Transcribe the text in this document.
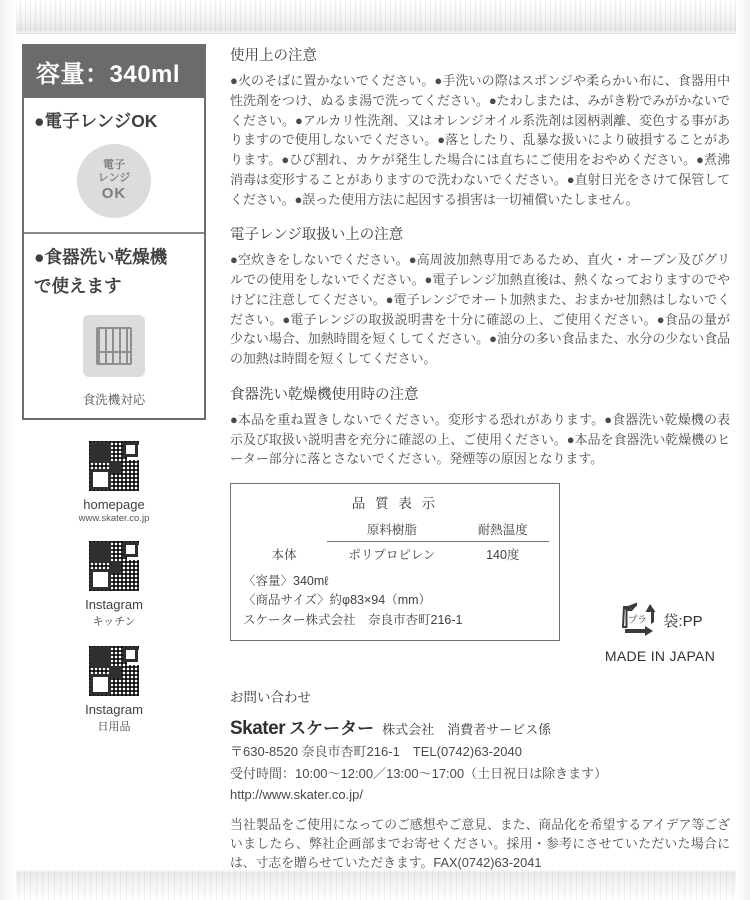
容量：340ml
●電子レンジOK
電子
レンジ
OK
●食器洗い乾燥機
で使えます
食洗機対応
homepage
www.skater.co.jp
Instagram
キッチン
Instagram
日用品
使用上の注意

●火のそばに置かないでください。●手洗いの際はスポンジや柔らかい布に、食器用中性洗剤をつけ、ぬるま湯で洗ってください。●たわしまたは、みがき粉でみがかないでください。●アルカリ性洗剤、又はオレンジオイル系洗剤は図柄剥離、変色する事がありますので使用しないでください。●落としたり、乱暴な扱いにより破損することがあります。●ひび割れ、カケが発生した場合には直ちにご使用をおやめください。●煮沸消毒は変形することがありますので洗わないでください。●直射日光をさけて保管してください。●誤った使用方法に起因する損害は一切補償いたしません。

電子レンジ取扱い上の注意

●空炊きをしないでください。●高周波加熱専用であるため、直火・オーブン及びグリルでの使用をしないでください。●電子レンジ加熱直後は、熱くなっておりますのでやけどに注意してください。●電子レンジでオート加熱また、おまかせ加熱はしないでください。●電子レンジの取扱説明書を十分に確認の上、ご使用ください。●食品の量が少ない場合、加熱時間を短くしてください。●油分の多い食品また、水分の少ない食品の加熱は時間を短くしてください。

食器洗い乾燥機使用時の注意

●本品を重ね置きしないでください。変形する恐れがあります。●食器洗い乾燥機の表示及び取扱い説明書を充分に確認の上、ご使用ください。●本品を食器洗い乾燥機のヒーター部分に落とさないでください。発煙等の原因となります。

品 質 表 示
	原料樹脂	耐熱温度
本体	ポリプロピレン	140度
〈容量〉340mℓ
〈商品サイズ〉約φ83×94（mm）
スケーター株式会社　奈良市杏町216-1	プラ	袋:PP
MADE IN JAPAN
お問い合わせ
Skater スケーター 株式会社　消費者サービス係
〒630-8520 奈良市杏町216-1　TEL(0742)63-2040
受付時間：10:00〜12:00／13:00〜17:00（土日祝日は除きます）
http://www.skater.co.jp/
当社製品をご使用になってのご感想やご意見、また、商品化を希望するアイデア等ございましたら、弊社企画部までお寄せください。採用・参考にさせていただいた場合には、寸志を贈らせていただきます。FAX(0742)63-2041
